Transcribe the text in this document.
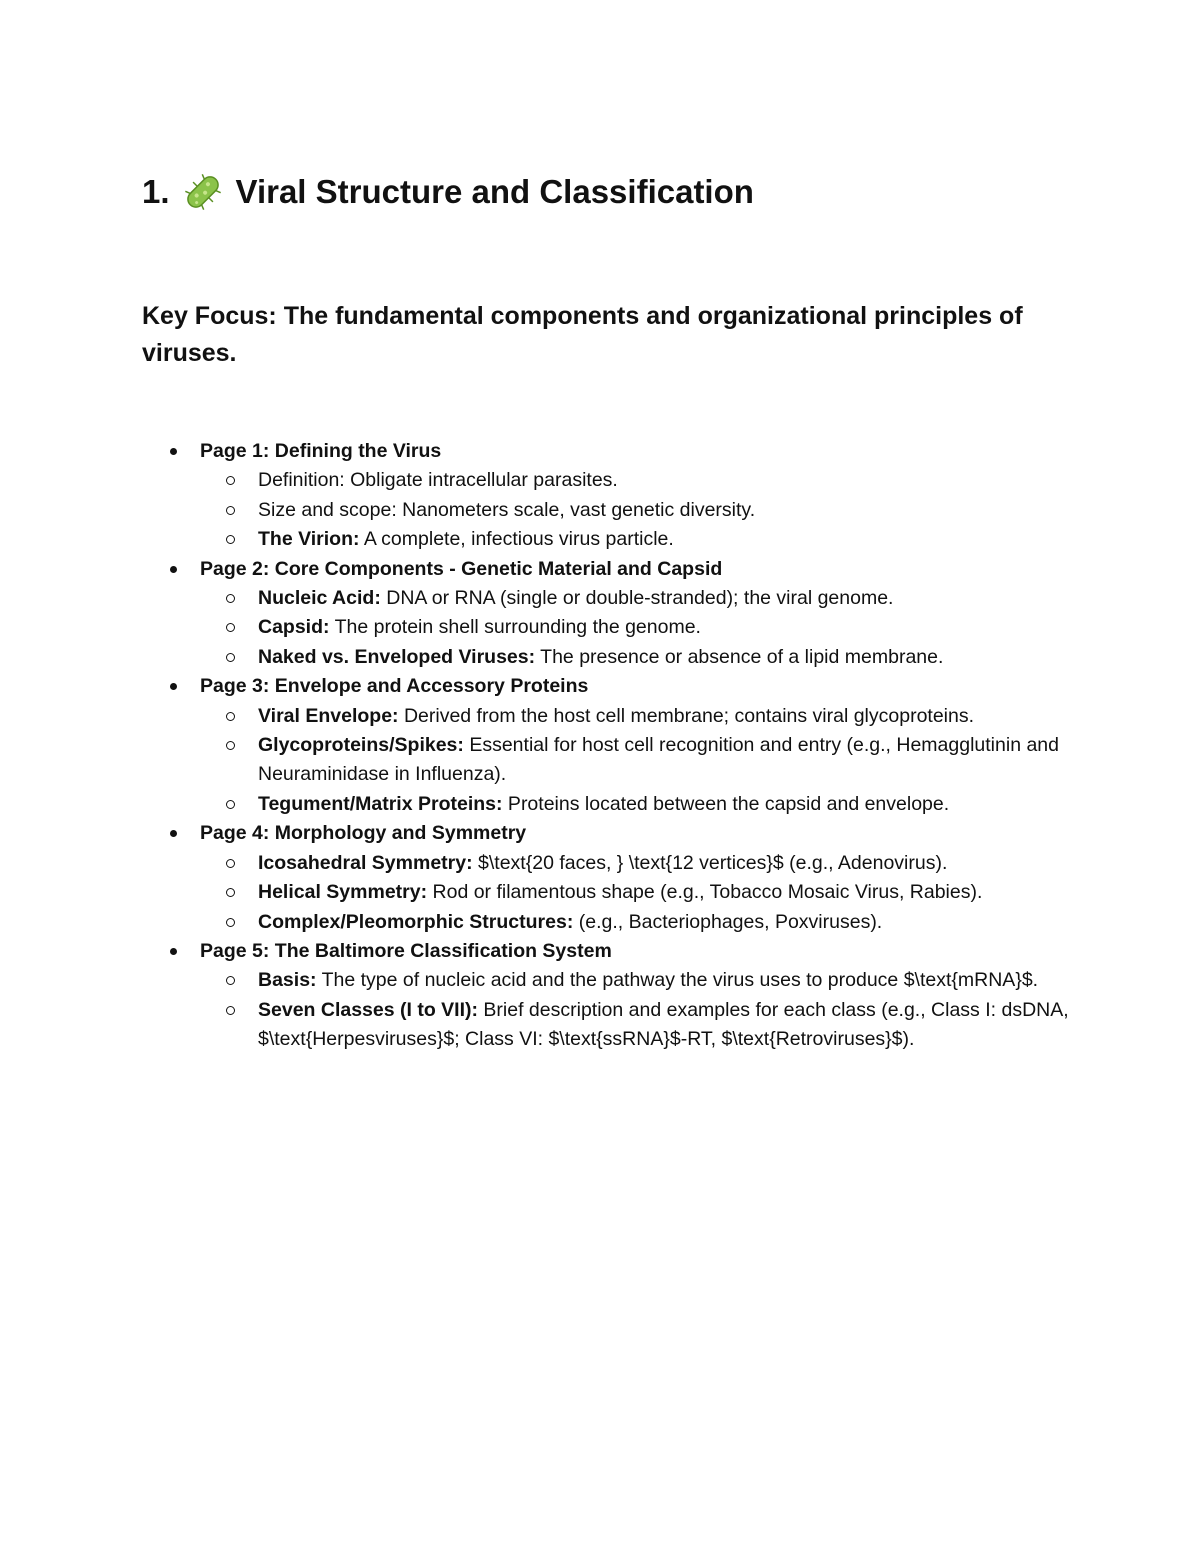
1. Viral Structure and Classification

Key Focus: The fundamental components and organizational principles of viruses.

Page 1: Defining the Virus
Definition: Obligate intracellular parasites.
Size and scope: Nanometers scale, vast genetic diversity.
The Virion: A complete, infectious virus particle.
Page 2: Core Components - Genetic Material and Capsid
Nucleic Acid: DNA or RNA (single or double-stranded); the viral genome.
Capsid: The protein shell surrounding the genome.
Naked vs. Enveloped Viruses: The presence or absence of a lipid membrane.
Page 3: Envelope and Accessory Proteins
Viral Envelope: Derived from the host cell membrane; contains viral glycoproteins.
Glycoproteins/Spikes: Essential for host cell recognition and entry (e.g., Hemagglutinin and Neuraminidase in Influenza).
Tegument/Matrix Proteins: Proteins located between the capsid and envelope.
Page 4: Morphology and Symmetry
Icosahedral Symmetry: $\text{20 faces, } \text{12 vertices}$ (e.g., Adenovirus).
Helical Symmetry: Rod or filamentous shape (e.g., Tobacco Mosaic Virus, Rabies).
Complex/Pleomorphic Structures: (e.g., Bacteriophages, Poxviruses).
Page 5: The Baltimore Classification System
Basis: The type of nucleic acid and the pathway the virus uses to produce $\text{mRNA}$.
Seven Classes (I to VII): Brief description and examples for each class (e.g., Class I: dsDNA, $\text{Herpesviruses}$; Class VI: $\text{ssRNA}$-RT, $\text{Retroviruses}$).
